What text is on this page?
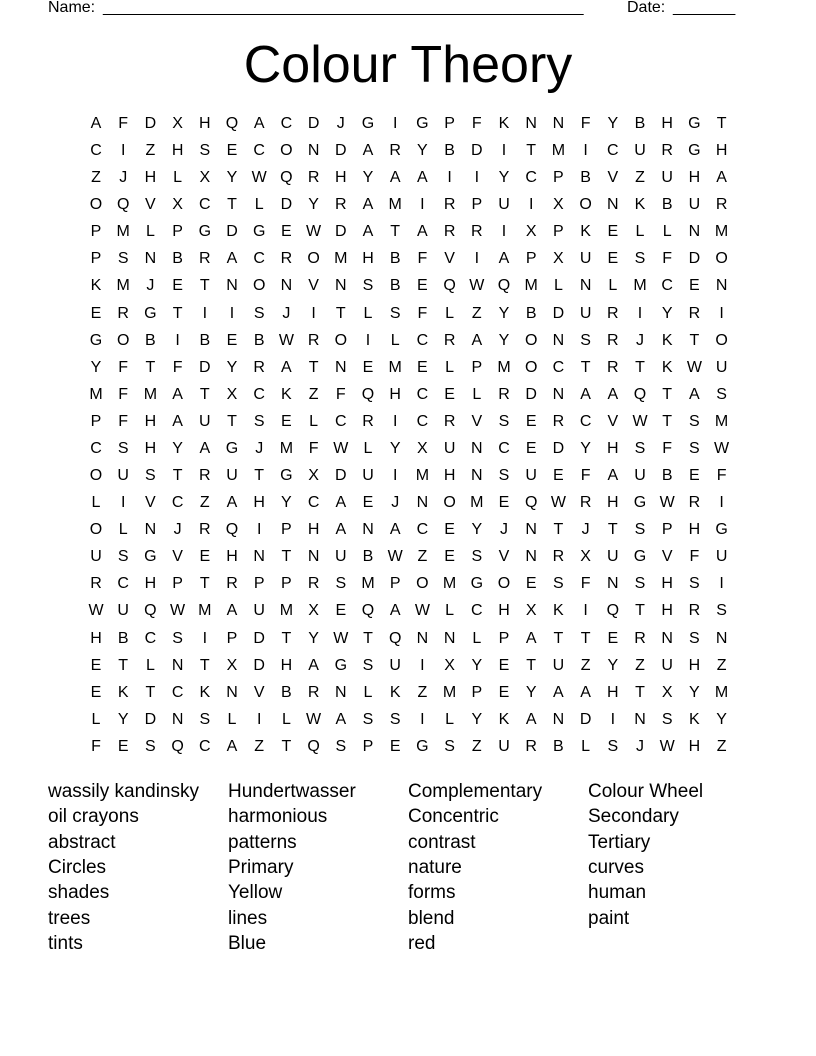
Name: ______________________________________________________	Date: _______
Colour Theory
A	F	D	X	H Q A	C D	J	G	I	G P	F	K	N N	F	Y	B	H G	T
C	I	Z	H	S	E	C O N D	A	R	Y	B	D	I	T M	I	C U R G H
Z	J	H	L	X	Y W Q R H	Y	A	A	I	I	Y	C	P	B	V	Z	U H	A
O Q V	X	C	T	L	D	Y	R	A M	I	R	P	U	I	X O N	K	B	U R
P M	L	P G D G E W D	A	T	A	R R	I	X	P	K	E	L	L	N M
P	S	N	B	R	A	C R O M H	B	F	V	I	A	P	X	U	E	S	F	D O
K M	J	E	T	N O N	V	N	S	B	E Q W Q M	L	N	L	M C	E	N
E	R G	T	I	I	S	J	I	T	L	S	F	L	Z	Y	B	D U R	I	Y	R	I
G O B	I	B	E	B W R O	I	L	C R	A	Y O N	S	R	J	K	T	O
Y	F	T	F	D	Y	R	A	T	N	E M E	L	P M O C	T	R	T	K W U
M F M A	T	X	C	K	Z	F	Q H C	E	L	R D N	A	A Q	T	A	S
P	F	H	A	U	T	S	E	L	C R	I	C R	V	S	E	R C	V W T	S M
C	S	H	Y	A G	J	M F W L	Y	X	U N C	E	D	Y	H	S	F	S W
O U	S	T	R U	T	G X	D U	I	M H N	S	U	E	F	A	U	B	E	F
L	I	V	C	Z	A	H	Y	C	A	E	J	N O M E Q W R H G W R	I
O	L	N	J	R Q	I	P	H	A	N	A	C	E	Y	J	N	T	J	T	S	P	H G
U	S G V	E	H N	T	N U	B W Z	E	S	V	N R	X	U G V	F	U
R C H	P	T	R	P	P	R	S M P O M G O E	S	F	N	S	H	S	I
W U Q W M A	U M X	E Q A W L	C H	X	K	I	Q	T	H R	S
H	B	C	S	I	P	D	T	Y W T	Q N N	L	P	A	T	T	E	R N	S	N
E	T	L	N	T	X	D H	A G S	U	I	X	Y	E	T	U	Z	Y	Z	U H	Z
E	K	T	C	K	N	V	B	R N	L	K	Z M P	E	Y	A	A	H	T	X	Y M
L	Y	D N	S	L	I	L W A	S	S	I	L	Y	K	A	N D	I	N	S	K	Y
F	E	S Q C	A	Z	T	Q S	P	E G S	Z	U R	B	L	S	J W H	Z
wassily kandinsky
oil crayons
abstract
Circles
shades
trees
tints
Hundertwasser
harmonious
patterns
Primary
Yellow
lines
Blue
Complementary
Concentric
contrast
nature
forms
blend
red
Colour Wheel
Secondary
Tertiary
curves
human
paint
